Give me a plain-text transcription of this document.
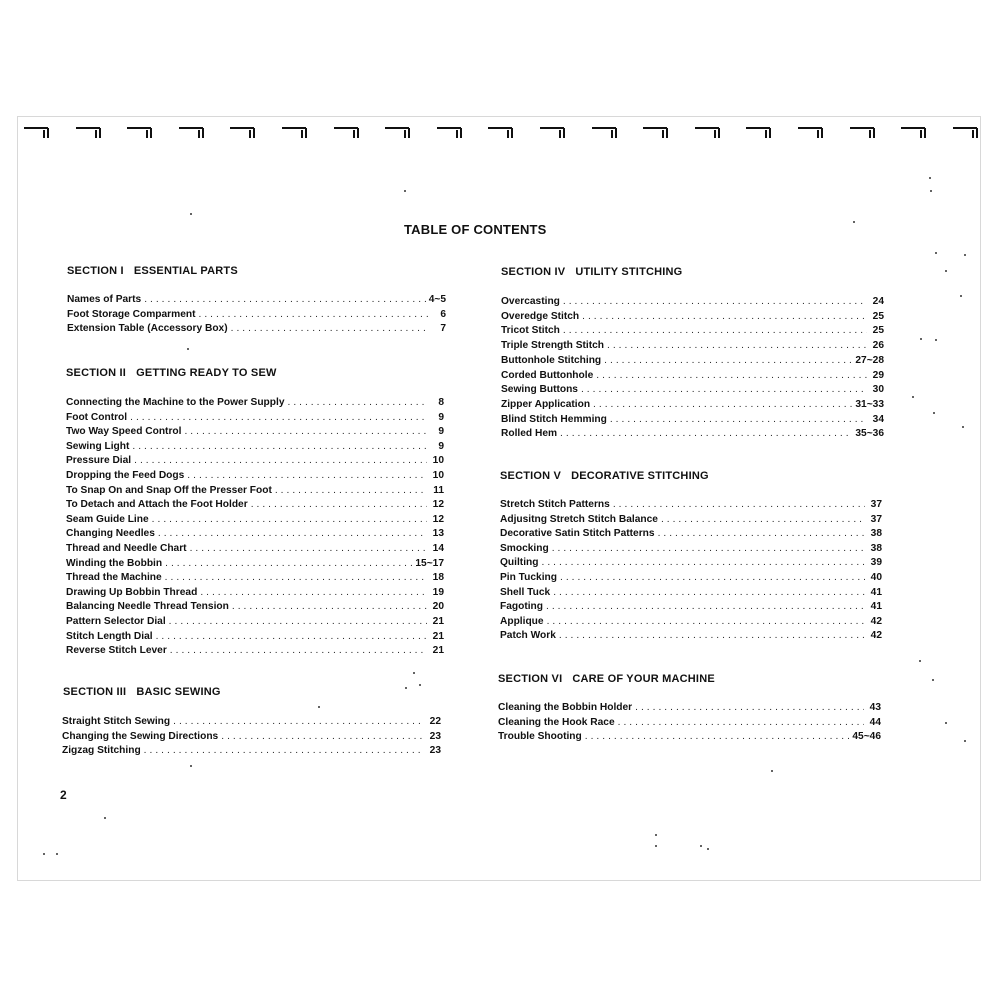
TABLE OF CONTENTS
SECTION I ESSENTIAL PARTS
Names of Parts .....	4~5
Foot Storage Comparment .....	6
Extension Table (Accessory Box) .....	7
SECTION II GETTING READY TO SEW
Connecting the Machine to the Power Supply .....	8
Foot Control .....	9
Two Way Speed Control .....	9
Sewing Light .....	9
Pressure Dial .....	10
Dropping the Feed Dogs .....	10
To Snap On and Snap Off the Presser Foot .....	11
To Detach and Attach the Foot Holder .....	12
Seam Guide Line .....	12
Changing Needles .....	13
Thread and Needle Chart .....	14
Winding the Bobbin .....	15~17
Thread the Machine .....	18
Drawing Up Bobbin Thread .....	19
Balancing Needle Thread Tension .....	20
Pattern Selector Dial .....	21
Stitch Length Dial .....	21
Reverse Stitch Lever .....	21
SECTION III BASIC SEWING
Straight Stitch Sewing .....	22
Changing the Sewing Directions .....	23
Zigzag Stitching .....	23
SECTION IV UTILITY STITCHING
Overcasting .....	24
Overedge Stitch .....	25
Tricot Stitch .....	25
Triple Strength Stitch .....	26
Buttonhole Stitching .....	27~28
Corded Buttonhole .....	29
Sewing Buttons .....	30
Zipper Application .....	31~33
Blind Stitch Hemming .....	34
Rolled Hem .....	35~36
SECTION V DECORATIVE STITCHING
Stretch Stitch Patterns .....	37
Adjusitng Stretch Stitch Balance .....	37
Decorative Satin Stitch Patterns .....	38
Smocking .....	38
Quilting .....	39
Pin Tucking .....	40
Shell Tuck .....	41
Fagoting .....	41
Applique .....	42
Patch Work .....	42
SECTION VI CARE OF YOUR MACHINE
Cleaning the Bobbin Holder .....	43
Cleaning the Hook Race .....	44
Trouble Shooting .....	45~46
2
